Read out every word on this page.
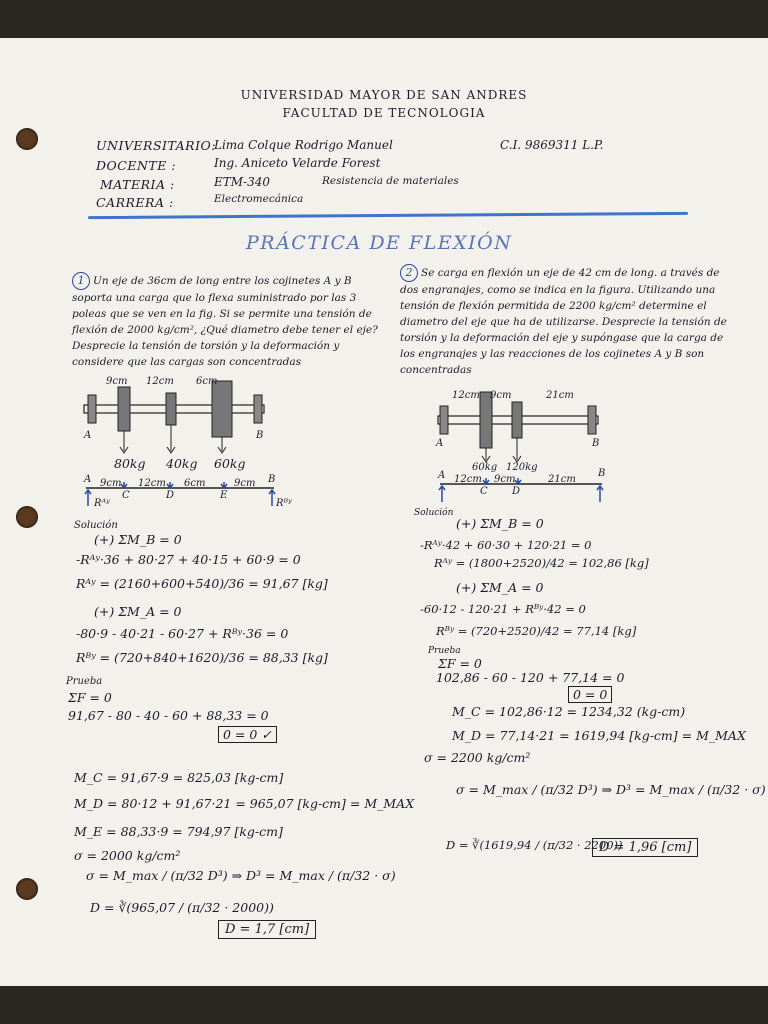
UNIVERSIDAD MAYOR DE SAN ANDRES
FACULTAD DE TECNOLOGIA
UNIVERSITARIO:
Lima Colque Rodrigo Manuel	C.I. 9869311 L.P.
DOCENTE :	Ing. Aniceto Velarde Forest
MATERIA :	ETM-340	Resistencia de materiales
CARRERA :	Electromecánica
PRÁCTICA DE FLEXIÓN
1 Un eje de 36cm de long entre los cojinetes A y B soporta una carga que lo flexa suministrado por las 3 poleas que se ven en la fig. Si se permite una tensión de flexión de 2000 kg/cm², ¿Qué diametro debe tener el eje? Desprecie la tensión de torsión y la deformación y considere que las cargas son concentradas
A	B
9cm 12cm 6cm
80kg 40kg 60kg
A 9cm 12cm 6cm	9cm B
C	D	E
Rᴬʸ	Rᴮʸ
Solución
(+) ΣM_B = 0
-Rᴬʸ·36 + 80·27 + 40·15 + 60·9 = 0
Rᴬʸ = (2160+600+540)/36 = 91,67 [kg]
(+) ΣM_A = 0
-80·9 - 40·21 - 60·27 + Rᴮʸ·36 = 0
Rᴮʸ = (720+840+1620)/36 = 88,33 [kg]
Prueba
ΣF = 0
91,67 - 80 - 40 - 60 + 88,33 = 0
0 = 0 ✓
M_C = 91,67·9 = 825,03 [kg-cm]
M_D = 80·12 + 91,67·21 = 965,07 [kg-cm] = M_MAX
M_E = 88,33·9 = 794,97 [kg-cm]
σ = 2000 kg/cm²
σ = M_max / (π/32 D³) ⇒ D³ = M_max / (π/32 · σ)
D = ∛(965,07 / (π/32 · 2000))
D = 1,7 [cm]
2 Se carga en flexión un eje de 42 cm de long. a través de dos engranajes, como se indica en la figura. Utilizando una tensión de flexión permitida de 2200 kg/cm² determine el diametro del eje que ha de utilizarse. Desprecie la tensión de torsión y la deformación del eje y supóngase que la carga de los engranajes y las reacciones de los cojinetes A y B son concentradas
12cm 9cm	21cm
A	B
60kg 120kg
A 12cm 9cm	21cm
B
C D
Solución
(+) ΣM_B = 0
-Rᴬʸ·42 + 60·30 + 120·21 = 0
Rᴬʸ = (1800+2520)/42 = 102,86 [kg]
(+) ΣM_A = 0
-60·12 - 120·21 + Rᴮʸ·42 = 0
Rᴮʸ = (720+2520)/42 = 77,14 [kg]
Prueba
ΣF = 0
102,86 - 60 - 120 + 77,14 = 0
0 = 0
M_C = 102,86·12 = 1234,32 (kg-cm)
M_D = 77,14·21 = 1619,94 [kg-cm] = M_MAX
σ = 2200 kg/cm²
σ = M_max / (π/32 D³) ⇒ D³ = M_max / (π/32 · σ)
D = ∛(1619,94 / (π/32 · 2200))
D = 1,96 [cm]
